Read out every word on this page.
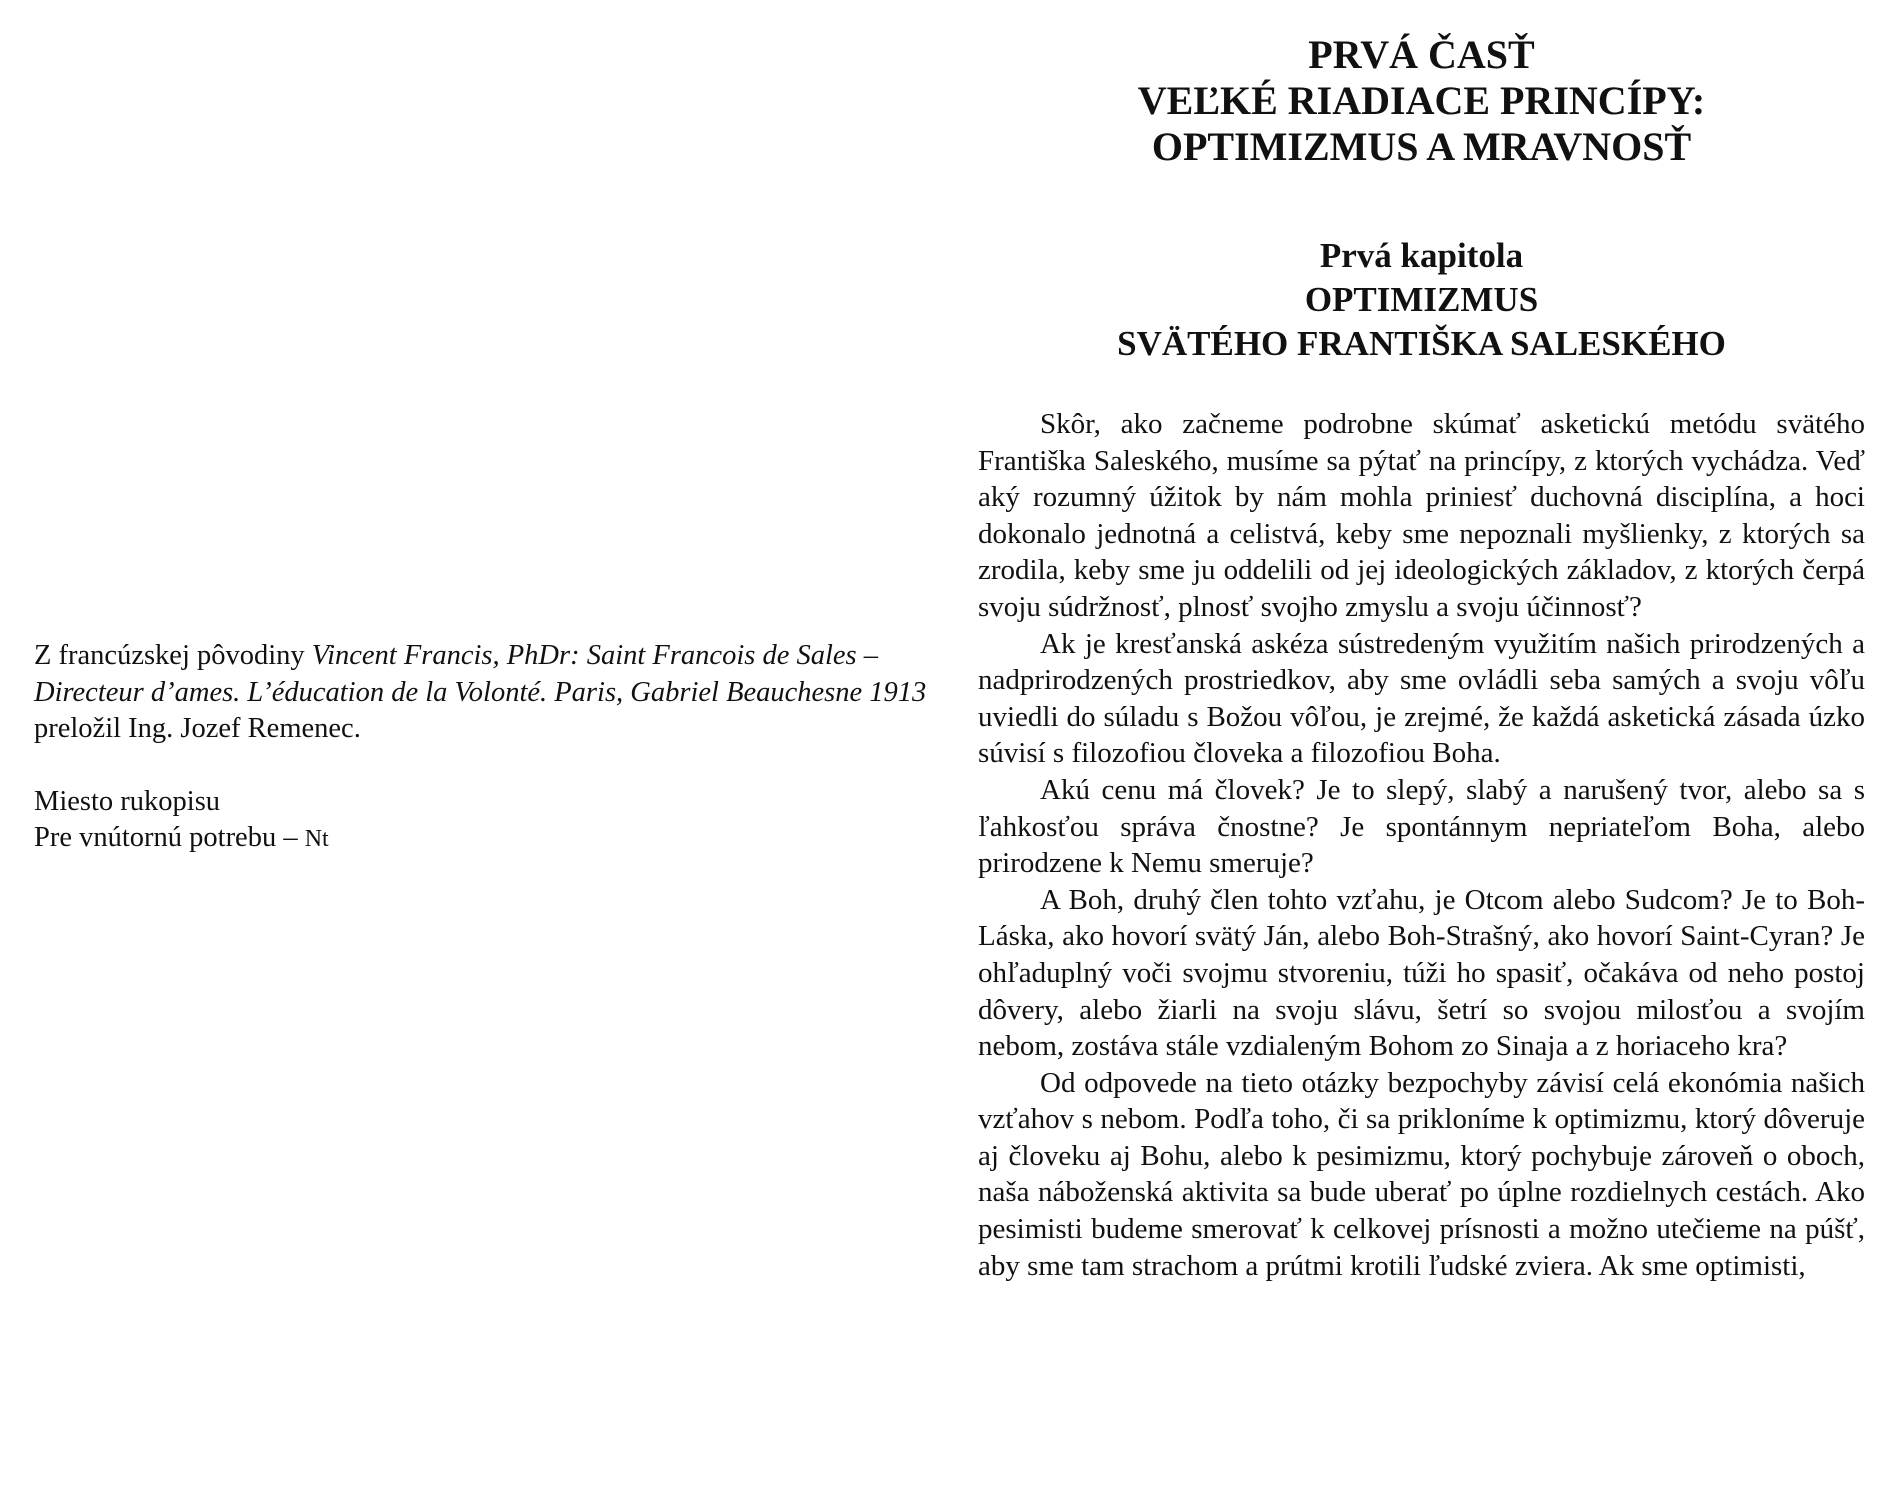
Z francúzskej pôvodiny Vincent Francis, PhDr: Saint Francois de Sales – Directeur d’ames. L’éducation de la Volonté. Paris, Gabriel Beauchesne 1913 preložil Ing. Jozef Remenec.

Miesto rukopisu

Pre vnútornú potrebu – Nt

PRVÁ ČASŤ
VEĽKÉ RIADIACE PRINCÍPY:
OPTIMIZMUS A MRAVNOSŤ
Prvá kapitola
OPTIMIZMUS
SVÄTÉHO FRANTIŠKA SALESKÉHO

Skôr, ako začneme podrobne skúmať asketickú metódu svätého Františka Saleského, musíme sa pýtať na princípy, z ktorých vychádza. Veď aký rozumný úžitok by nám mohla priniesť duchovná disciplína, a hoci dokonalo jednotná a celistvá, keby sme nepoznali myšlienky, z ktorých sa zrodila, keby sme ju oddelili od jej ideologických základov, z ktorých čerpá svoju súdržnosť, plnosť svojho zmyslu a svoju účinnosť?

Ak je kresťanská askéza sústredeným využitím našich prirodzených a nadprirodzených prostriedkov, aby sme ovládli seba samých a svoju vôľu uviedli do súladu s Božou vôľou, je zrejmé, že každá asketická zásada úzko súvisí s filozofiou človeka a filozofiou Boha.

Akú cenu má človek? Je to slepý, slabý a narušený tvor, alebo sa s ľahkosťou správa čnostne? Je spontánnym nepriateľom Boha, alebo prirodzene k Nemu smeruje?

A Boh, druhý člen tohto vzťahu, je Otcom alebo Sudcom? Je to Boh-Láska, ako hovorí svätý Ján, alebo Boh-Strašný, ako hovorí Saint-Cyran? Je ohľaduplný voči svojmu stvoreniu, túži ho spasiť, očakáva od neho postoj dôvery, alebo žiarli na svoju slávu, šetrí so svojou milosťou a svojím nebom, zostáva stále vzdialeným Bohom zo Sinaja a z horiaceho kra?

Od odpovede na tieto otázky bezpochyby závisí celá ekonómia našich vzťahov s nebom. Podľa toho, či sa prikloníme k optimizmu, ktorý dôveruje aj človeku aj Bohu, alebo k pesimizmu, ktorý pochybuje zároveň o oboch, naša náboženská aktivita sa bude uberať po úplne rozdielnych cestách. Ako pesimisti budeme smerovať k celkovej prísnosti a možno utečieme na púšť, aby sme tam strachom a prútmi krotili ľudské zviera. Ak sme optimisti,
